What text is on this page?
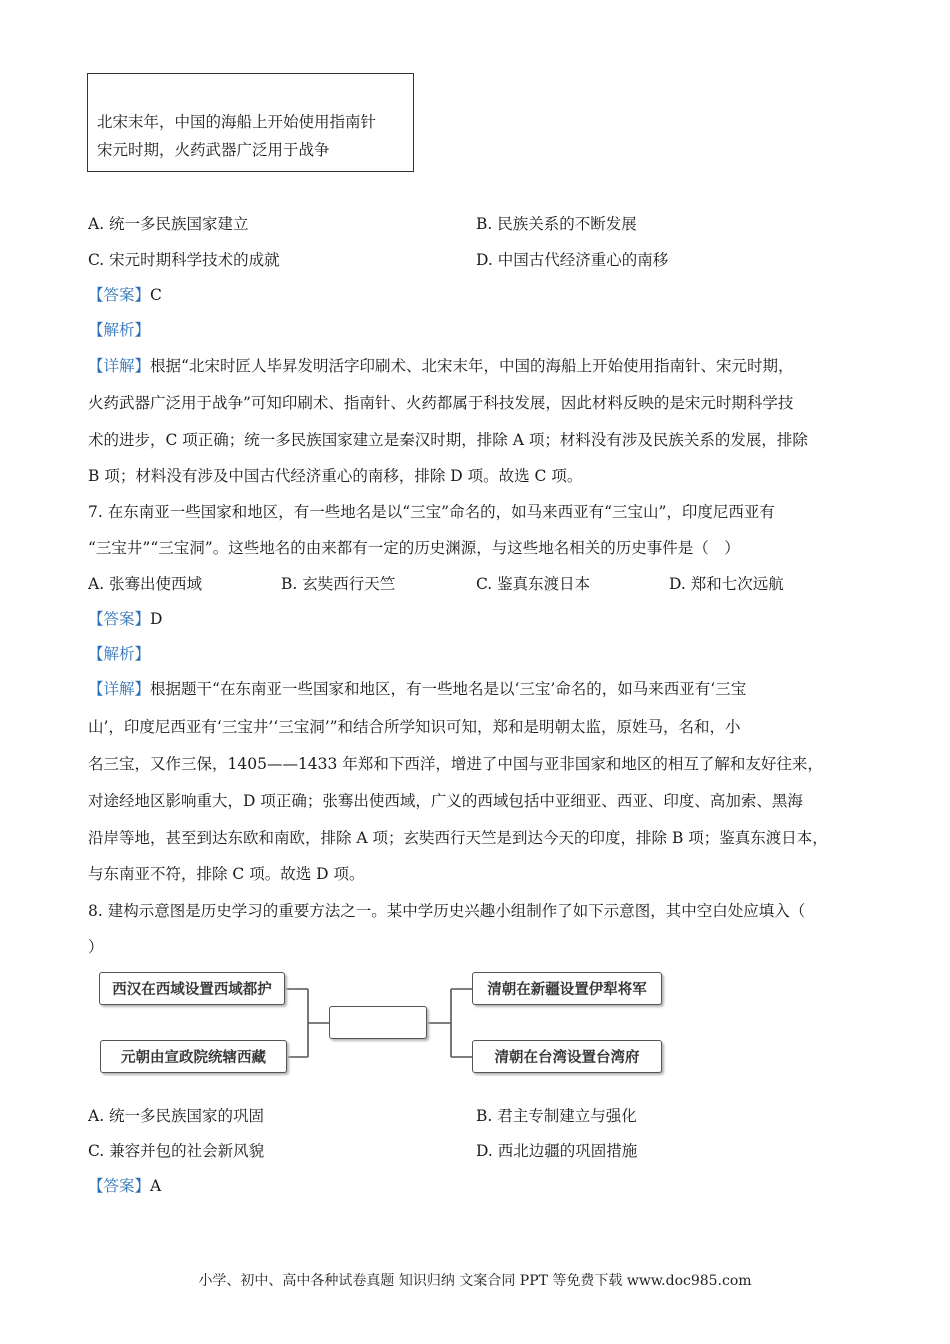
北宋末年，中国的海船上开始使用指南针
宋元时期，火药武器广泛用于战争
A. 统一多民族国家建立	B. 民族关系的不断发展
C. 宋元时期科学技术的成就	D. 中国古代经济重心的南移
【答案】C
【解析】
【详解】根据“北宋时匠人毕昇发明活字印刷术、北宋末年，中国的海船上开始使用指南针、宋元时期，
火药武器广泛用于战争”可知印刷术、指南针、火药都属于科技发展，因此材料反映的是宋元时期科学技
术的进步，C 项正确；统一多民族国家建立是秦汉时期，排除 A 项；材料没有涉及民族关系的发展，排除
B 项；材料没有涉及中国古代经济重心的南移，排除 D 项。故选 C 项。
7. 在东南亚一些国家和地区，有一些地名是以“三宝”命名的，如马来西亚有“三宝山”，印度尼西亚有
“三宝井”“三宝洞”。这些地名的由来都有一定的历史渊源，与这些地名相关的历史事件是（　）
A. 张骞出使西域	B. 玄奘西行天竺	C. 鉴真东渡日本	D. 郑和七次远航
【答案】D
【解析】
【详解】根据题干“在东南亚一些国家和地区，有一些地名是以‘三宝’命名的，如马来西亚有‘三宝
山’，印度尼西亚有‘三宝井’‘三宝洞’”和结合所学知识可知，郑和是明朝太监，原姓马，名和，小
名三宝，又作三保，1405——1433 年郑和下西洋，增进了中国与亚非国家和地区的相互了解和友好往来，
对途经地区影响重大，D 项正确；张骞出使西域，广义的西域包括中亚细亚、西亚、印度、高加索、黑海
沿岸等地，甚至到达东欧和南欧，排除 A 项；玄奘西行天竺是到达今天的印度，排除 B 项；鉴真东渡日本，
与东南亚不符，排除 C 项。故选 D 项。
8. 建构示意图是历史学习的重要方法之一。某中学历史兴趣小组制作了如下示意图，其中空白处应填入（
）
西汉在西域设置西域都护
元朝由宣政院统辖西藏
清朝在新疆设置伊犁将军
清朝在台湾设置台湾府
A. 统一多民族国家的巩固	B. 君主专制建立与强化
C. 兼容并包的社会新风貌	D. 西北边疆的巩固措施
【答案】A
小学、初中、高中各种试卷真题 知识归纳 文案合同 PPT 等免费下载 www.doc985.com
